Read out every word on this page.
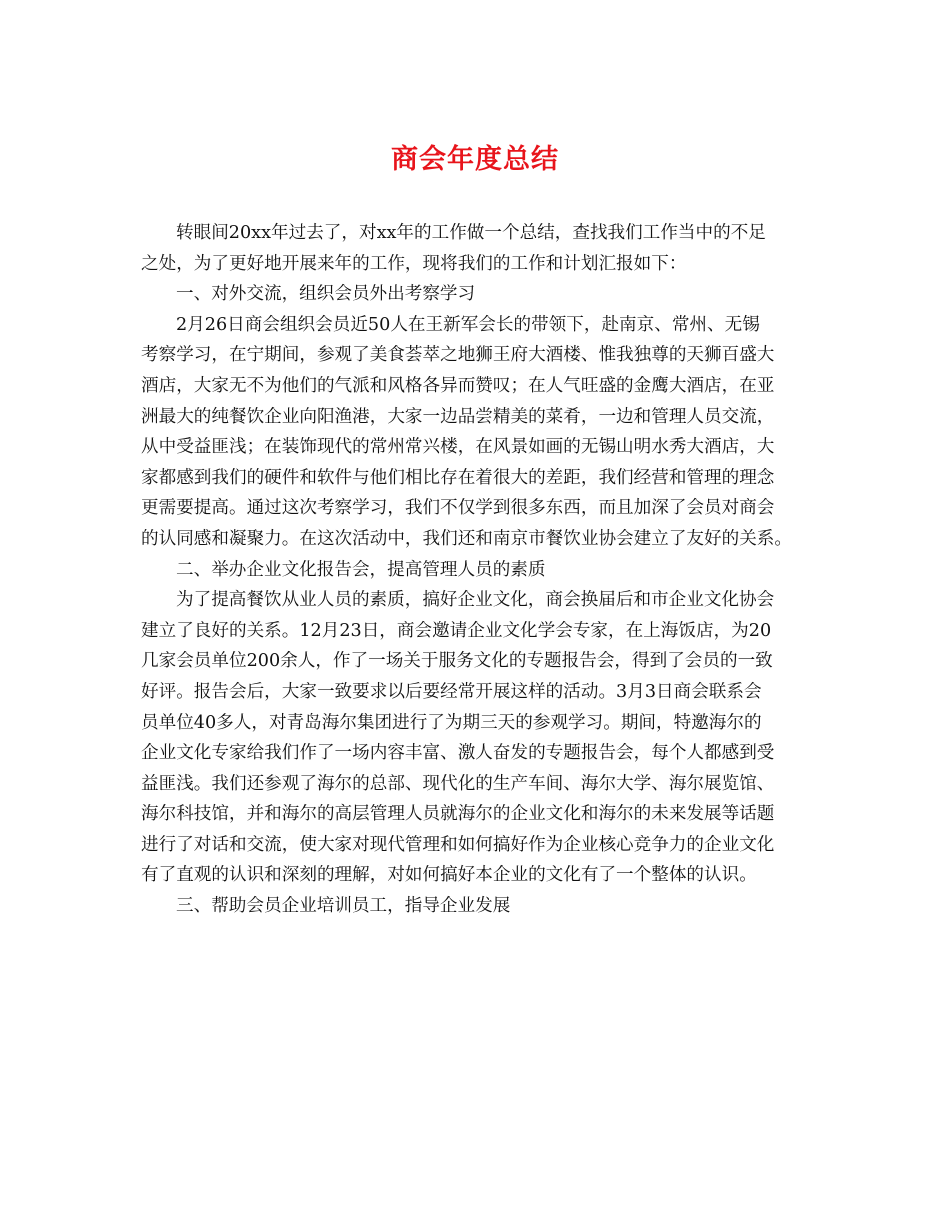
商会年度总结
转眼间20xx年过去了，对xx年的工作做一个总结，查找我们工作当中的不足
之处，为了更好地开展来年的工作，现将我们的工作和计划汇报如下：
一、对外交流，组织会员外出考察学习
2月26日商会组织会员近50人在王新军会长的带领下，赴南京、常州、无锡
考察学习，在宁期间，参观了美食荟萃之地狮王府大酒楼、惟我独尊的天狮百盛大
酒店，大家无不为他们的气派和风格各异而赞叹；在人气旺盛的金鹰大酒店，在亚
洲最大的纯餐饮企业向阳渔港，大家一边品尝精美的菜肴，一边和管理人员交流，
从中受益匪浅；在装饰现代的常州常兴楼，在风景如画的无锡山明水秀大酒店，大
家都感到我们的硬件和软件与他们相比存在着很大的差距，我们经营和管理的理念
更需要提高。通过这次考察学习，我们不仅学到很多东西，而且加深了会员对商会
的认同感和凝聚力。在这次活动中，我们还和南京市餐饮业协会建立了友好的关系。
二、举办企业文化报告会，提高管理人员的素质
为了提高餐饮从业人员的素质，搞好企业文化，商会换届后和市企业文化协会
建立了良好的关系。12月23日，商会邀请企业文化学会专家，在上海饭店，为20
几家会员单位200余人，作了一场关于服务文化的专题报告会，得到了会员的一致
好评。报告会后，大家一致要求以后要经常开展这样的活动。3月3日商会联系会
员单位40多人，对青岛海尔集团进行了为期三天的参观学习。期间，特邀海尔的
企业文化专家给我们作了一场内容丰富、激人奋发的专题报告会，每个人都感到受
益匪浅。我们还参观了海尔的总部、现代化的生产车间、海尔大学、海尔展览馆、
海尔科技馆，并和海尔的高层管理人员就海尔的企业文化和海尔的未来发展等话题
进行了对话和交流，使大家对现代管理和如何搞好作为企业核心竞争力的企业文化
有了直观的认识和深刻的理解，对如何搞好本企业的文化有了一个整体的认识。
三、帮助会员企业培训员工，指导企业发展
